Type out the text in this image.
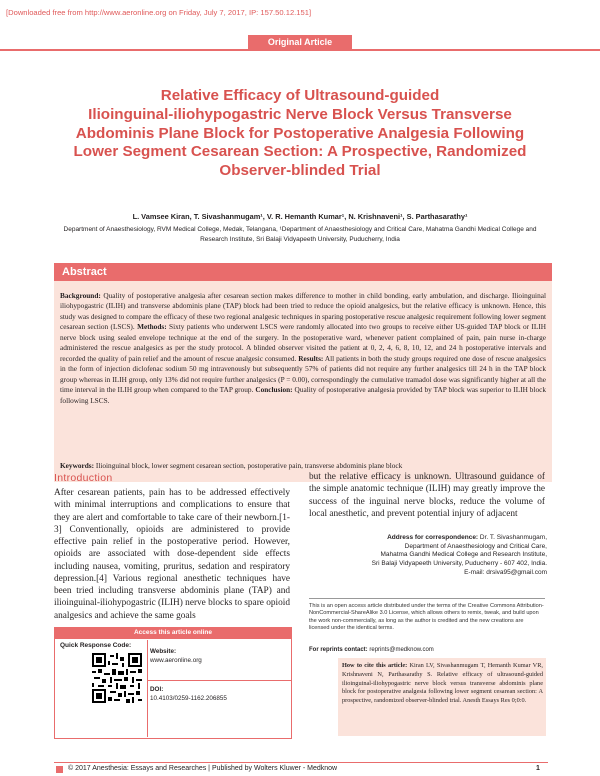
[Downloaded free from http://www.aeronline.org on Friday, July 7, 2017, IP: 157.50.12.151]
Original Article
Relative Efficacy of Ultrasound-guided
Ilioinguinal-iliohypogastric Nerve Block Versus Transverse
Abdominis Plane Block for Postoperative Analgesia Following
Lower Segment Cesarean Section: A Prospective, Randomized
Observer-blinded Trial
L. Vamsee Kiran, T. Sivashanmugam¹, V. R. Hemanth Kumar¹, N. Krishnaveni¹, S. Parthasarathy¹
Department of Anaesthesiology, RVM Medical College, Medak, Telangana, ¹Department of Anaesthesiology and Critical Care, Mahatma Gandhi Medical College and Research Institute, Sri Balaji Vidyapeeth University, Puducherry, India
Abstract
Background: Quality of postoperative analgesia after cesarean section makes difference to mother in child bonding, early ambulation, and discharge. Ilioinguinal iliohypogastric (ILIH) and transverse abdominis plane (TAP) block had been tried to reduce the opioid analgesics, but the relative efficacy is unknown. Hence, this study was designed to compare the efficacy of these two regional analgesic techniques in sparing postoperative rescue analgesic requirement following lower segment cesarean section (LSCS). Methods: Sixty patients who underwent LSCS were randomly allocated into two groups to receive either US-guided TAP block or ILIH nerve block using sealed envelope technique at the end of the surgery. In the postoperative ward, whenever patient complained of pain, pain nurse in-charge administered the rescue analgesics as per the study protocol. A blinded observer visited the patient at 0, 2, 4, 6, 8, 10, 12, and 24 h postoperative intervals and recorded the quality of pain relief and the amount of rescue analgesic consumed. Results: All patients in both the study groups required one dose of rescue analgesics in the form of injection diclofenac sodium 50 mg intravenously but subsequently 57% of patients did not require any further analgesics till 24 h in the TAP block group whereas in ILIH group, only 13% did not require further analgesics (P = 0.00), correspondingly the cumulative tramadol dose was significantly higher at all the time interval in the ILIH group when compared to the TAP group. Conclusion: Quality of postoperative analgesia provided by TAP block was superior to ILIH block following LSCS.
Keywords: Ilioinguinal block, lower segment cesarean section, postoperative pain, transverse abdominis plane block
Introduction
After cesarean patients, pain has to be addressed effectively with minimal interruptions and complications to ensure that they are alert and comfortable to take care of their newborn.[1-3] Conventionally, opioids are administered to provide effective pain relief in the postoperative period. However, opioids are associated with dose-dependent side effects including nausea, vomiting, pruritus, sedation and respiratory depression.[4] Various regional anesthetic techniques have been tried including transverse abdominis plane (TAP) and ilioinguinal-iliohypogastric (ILIH) nerve blocks to spare opioid analgesics and achieve the same goals
but the relative efficacy is unknown. Ultrasound guidance of the simple anatomic technique (ILIH) may greatly improve the success of the inguinal nerve blocks, reduce the volume of local anesthetic, and prevent potential injury of adjacent
Access this article online
Quick Response Code:
Website:
www.aeronline.org
DOI:
10.4103/0259-1162.206855
Address for correspondence: Dr. T. Sivashanmugam,
Department of Anaesthesiology and Critical Care,
Mahatma Gandhi Medical College and Research Institute,
Sri Balaji Vidyapeeth University, Puducherry - 607 402, India.
E-mail: drsiva95@gmail.com
This is an open access article distributed under the terms of the Creative Commons Attribution-NonCommercial-ShareAlike 3.0 License, which allows others to remix, tweak, and build upon the work non-commercially, as long as the author is credited and the new creations are licensed under the identical terms.
For reprints contact: reprints@medknow.com
How to cite this article: Kiran LV, Sivashanmugam T, Hemanth Kumar VR, Krishnaveni N, Parthasarathy S. Relative efficacy of ultrasound-guided ilioinguinal-iliohypogastric nerve block versus transverse abdominis plane block for postoperative analgesia following lower segment cesarean section: A prospective, randomized observer-blinded trial. Anesth Essays Res 0;0:0.
© 2017 Anesthesia: Essays and Researches | Published by Wolters Kluwer - Medknow	1
